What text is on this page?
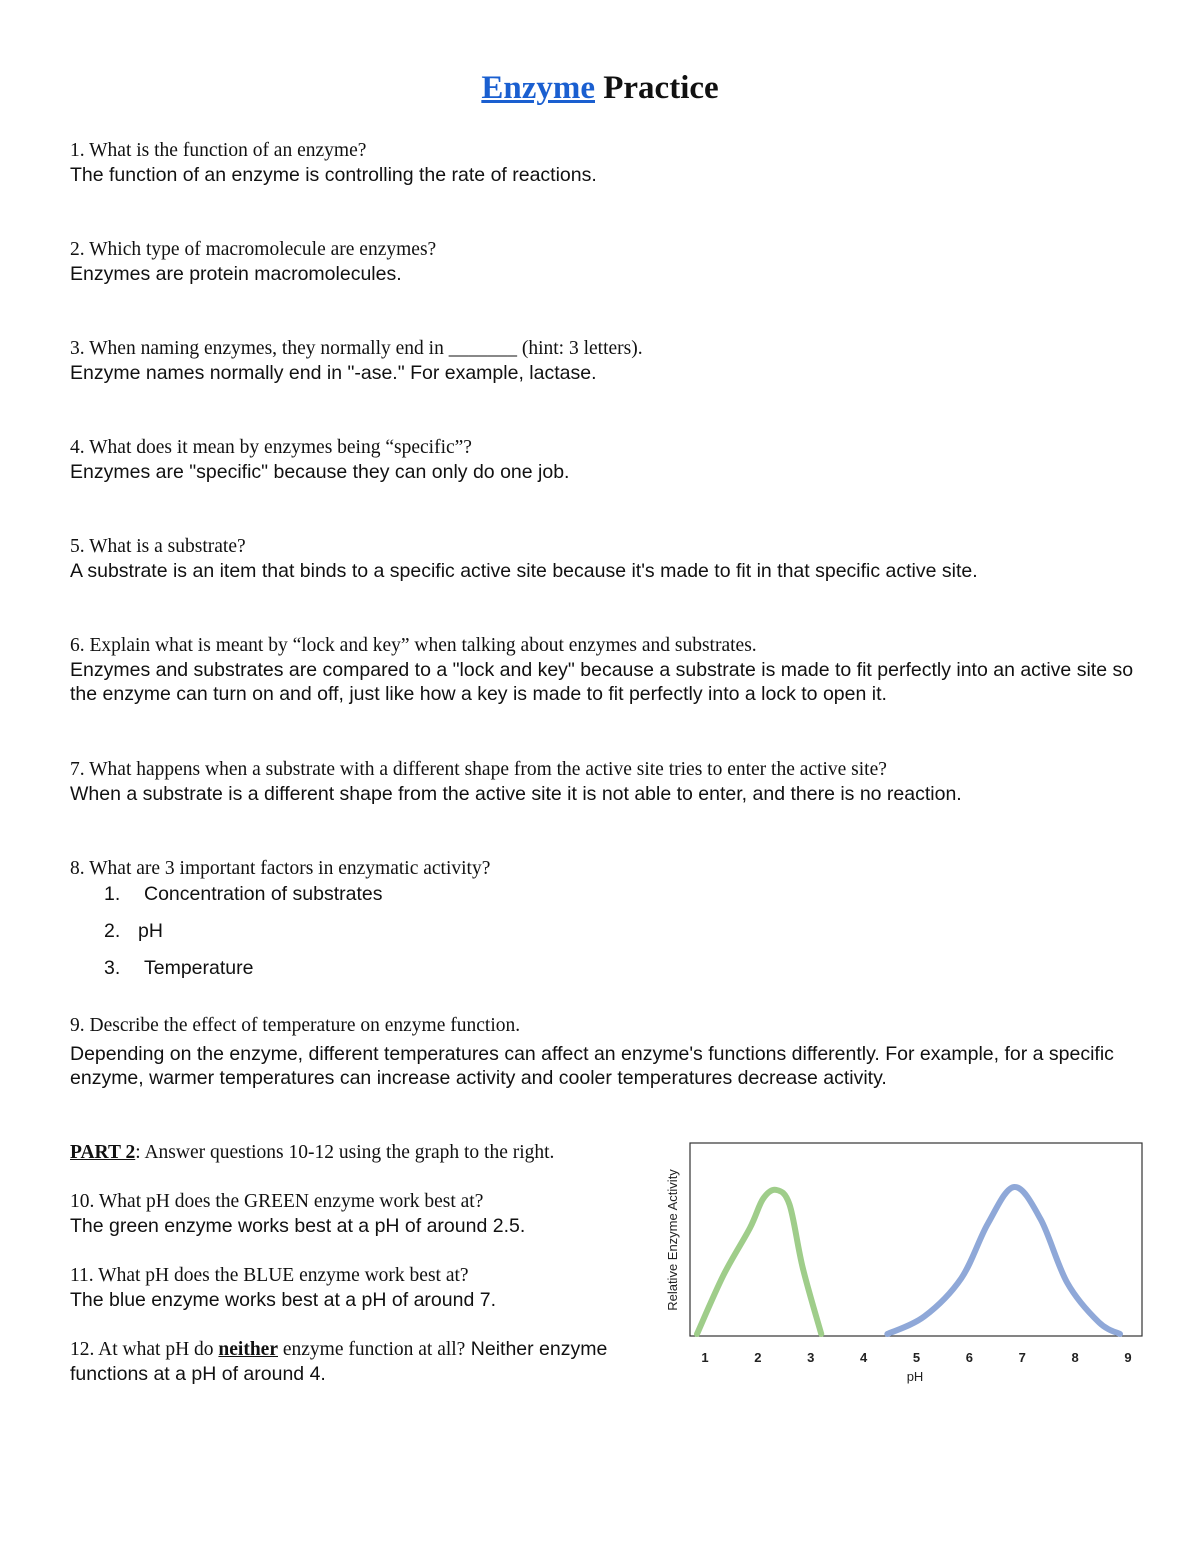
Enzyme Practice
1. What is the function of an enzyme?
The function of an enzyme is controlling the rate of reactions.
2. Which type of macromolecule are enzymes?
Enzymes are protein macromolecules.
3. When naming enzymes, they normally end in _______ (hint: 3 letters).
Enzyme names normally end in "-ase." For example, lactase.
4. What does it mean by enzymes being “specific”?
Enzymes are "specific" because they can only do one job.
5. What is a substrate?
A substrate is an item that binds to a specific active site because it's made to fit in that specific active site.
6. Explain what is meant by “lock and key” when talking about enzymes and substrates.
Enzymes and substrates are compared to a "lock and key" because a substrate is made to fit perfectly into an active site so the enzyme can turn on and off, just like how a key is made to fit perfectly into a lock to open it.
7. What happens when a substrate with a different shape from the active site tries to enter the active site?
When a substrate is a different shape from the active site it is not able to enter, and there is no reaction.
8. What are 3 important factors in enzymatic activity?
1. Concentration of substrates
2. pH
3. Temperature
9. Describe the effect of temperature on enzyme function.
Depending on the enzyme, different temperatures can affect an enzyme's functions differently. For example, for a specific enzyme, warmer temperatures can increase activity and cooler temperatures decrease activity.
PART 2: Answer questions 10-12 using the graph to the right.
10. What pH does the GREEN enzyme work best at?
The green enzyme works best at a pH of around 2.5.
11. What pH does the BLUE enzyme work best at?
The blue enzyme works best at a pH of around 7.
12. At what pH do neither enzyme function at all? Neither enzyme functions at a pH of around 4.
Relative Enzyme Activity
pH
1	2	3	4	5	6	7	8	9
